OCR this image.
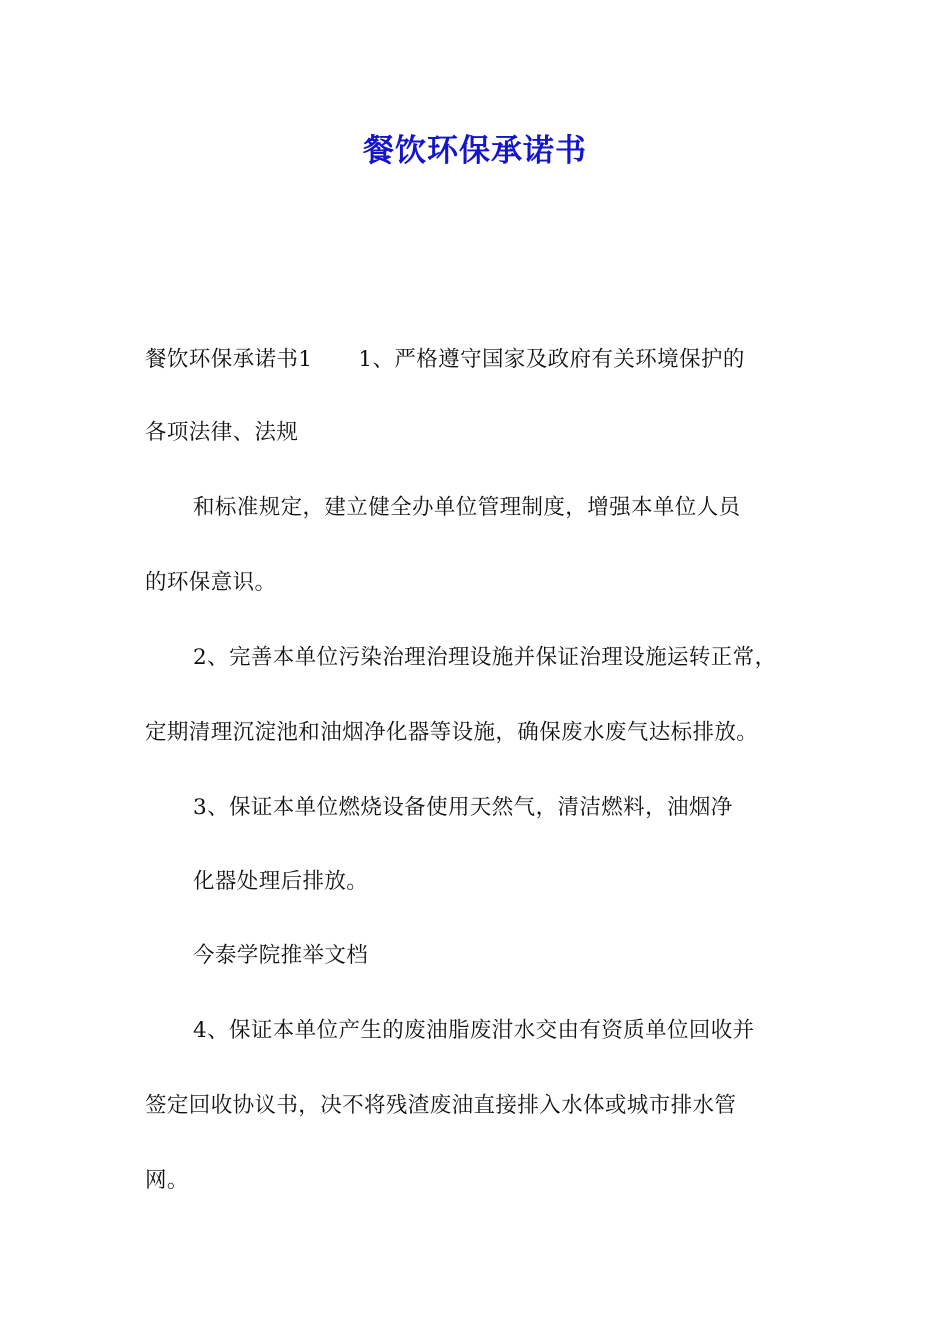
餐饮环保承诺书
餐饮环保承诺书1 1、严格遵守国家及政府有关环境保护的
各项法律、法规
和标准规定，建立健全办单位管理制度，增强本单位人员
的环保意识。
2、完善本单位污染治理治理设施并保证治理设施运转正常，
定期清理沉淀池和油烟净化器等设施，确保废水废气达标排放。
3、保证本单位燃烧设备使用天然气，清洁燃料，油烟净
化器处理后排放。
今泰学院推举文档
4、保证本单位产生的废油脂废泔水交由有资质单位回收并
签定回收协议书，决不将残渣废油直接排入水体或城市排水管
网。
